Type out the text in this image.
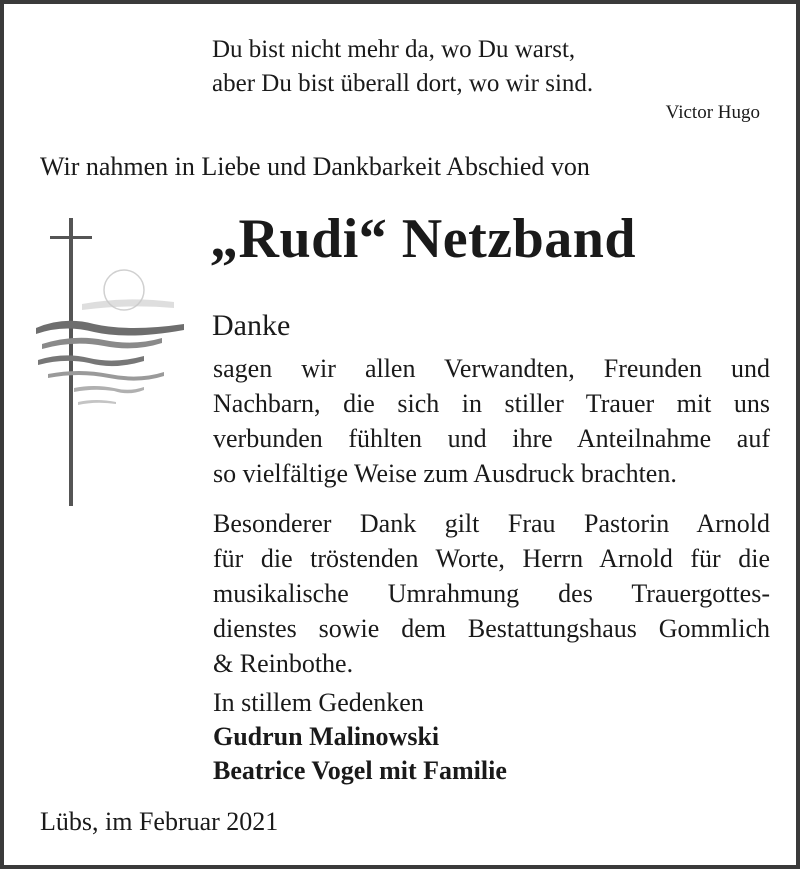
Du bist nicht mehr da, wo Du warst,
aber Du bist überall dort, wo wir sind.
Victor Hugo
Wir nahmen in Liebe und Dankbarkeit Abschied von
„Rudi“ Netzband
Danke
sagen wir allen Verwandten, Freunden und
Nachbarn, die sich in stiller Trauer mit uns
verbunden fühlten und ihre Anteilnahme auf
so vielfältige Weise zum Ausdruck brachten.
Besonderer Dank gilt Frau Pastorin Arnold
für die tröstenden Worte, Herrn Arnold für die
musikalische Umrahmung des Trauergottes-
dienstes sowie dem Bestattungshaus Gommlich
& Reinbothe.
In stillem Gedenken
Gudrun Malinowski
Beatrice Vogel mit Familie
Lübs, im Februar 2021
